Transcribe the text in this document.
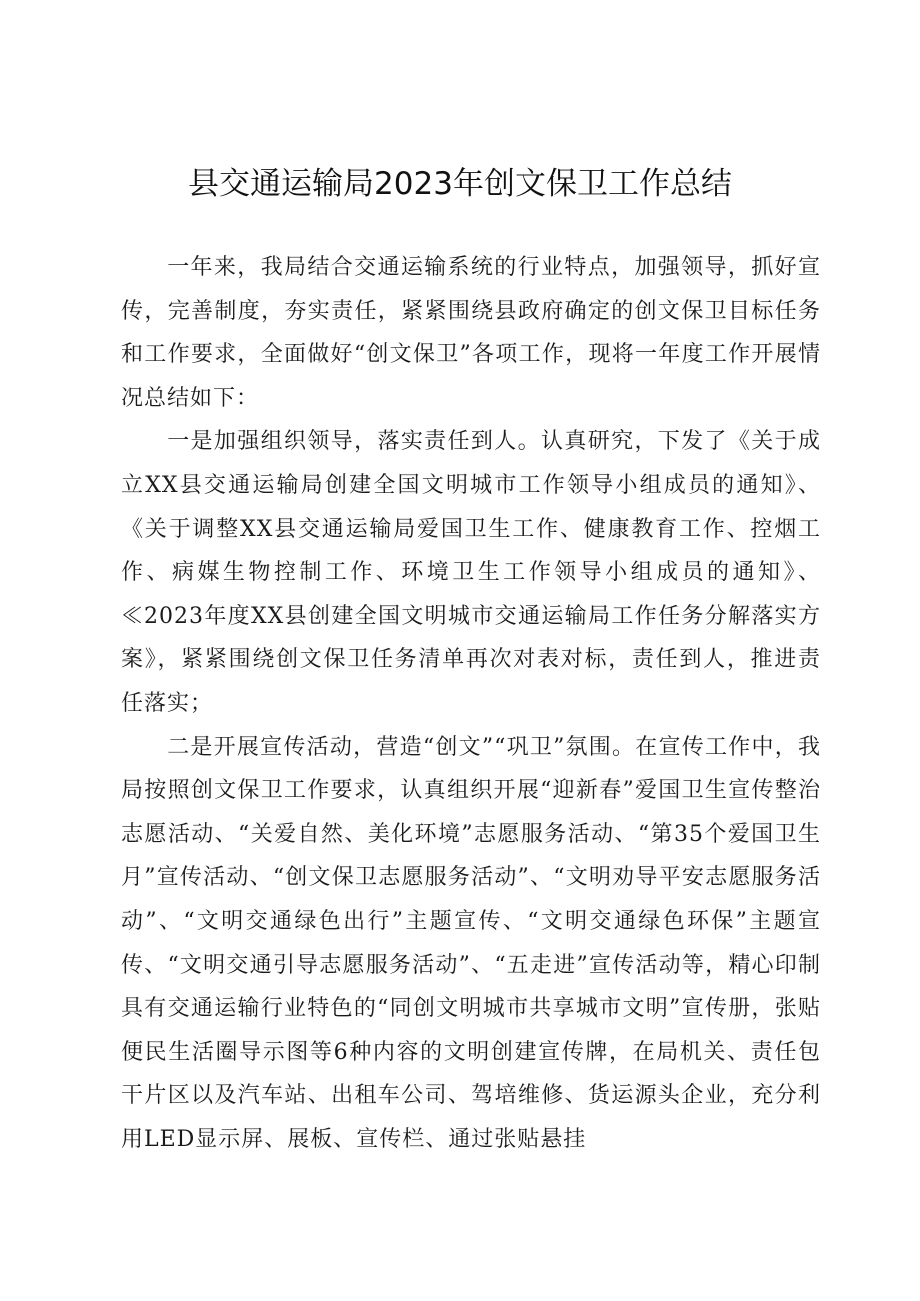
县交通运输局2023年创文保卫工作总结

一年来，我局结合交通运输系统的行业特点，加强领导，抓好宣传，完善制度，夯实责任，紧紧围绕县政府确定的创文保卫目标任务和工作要求，全面做好“创文保卫”各项工作，现将一年度工作开展情况总结如下：

一是加强组织领导，落实责任到人。认真研究，下发了《关于成立XX县交通运输局创建全国文明城市工作领导小组成员的通知》、《关于调整XX县交通运输局爱国卫生工作、健康教育工作、控烟工作、病媒生物控制工作、环境卫生工作领导小组成员的通知》、≪2023年度XX县创建全国文明城市交通运输局工作任务分解落实方案》，紧紧围绕创文保卫任务清单再次对表对标，责任到人，推进责任落实；

二是开展宣传活动，营造“创文”“巩卫”氛围。在宣传工作中，我局按照创文保卫工作要求，认真组织开展“迎新春”爱国卫生宣传整治志愿活动、“关爱自然、美化环境”志愿服务活动、“第35个爱国卫生月”宣传活动、“创文保卫志愿服务活动”、“文明劝导平安志愿服务活动”、“文明交通绿色出行”主题宣传、“文明交通绿色环保”主题宣传、“文明交通引导志愿服务活动”、“五走进”宣传活动等，精心印制具有交通运输行业特色的“同创文明城市共享城市文明”宣传册，张贴便民生活圈导示图等6种内容的文明创建宣传牌，在局机关、责任包干片区以及汽车站、出租车公司、驾培维修、货运源头企业，充分利用LED显示屏、展板、宣传栏、通过张贴悬挂
